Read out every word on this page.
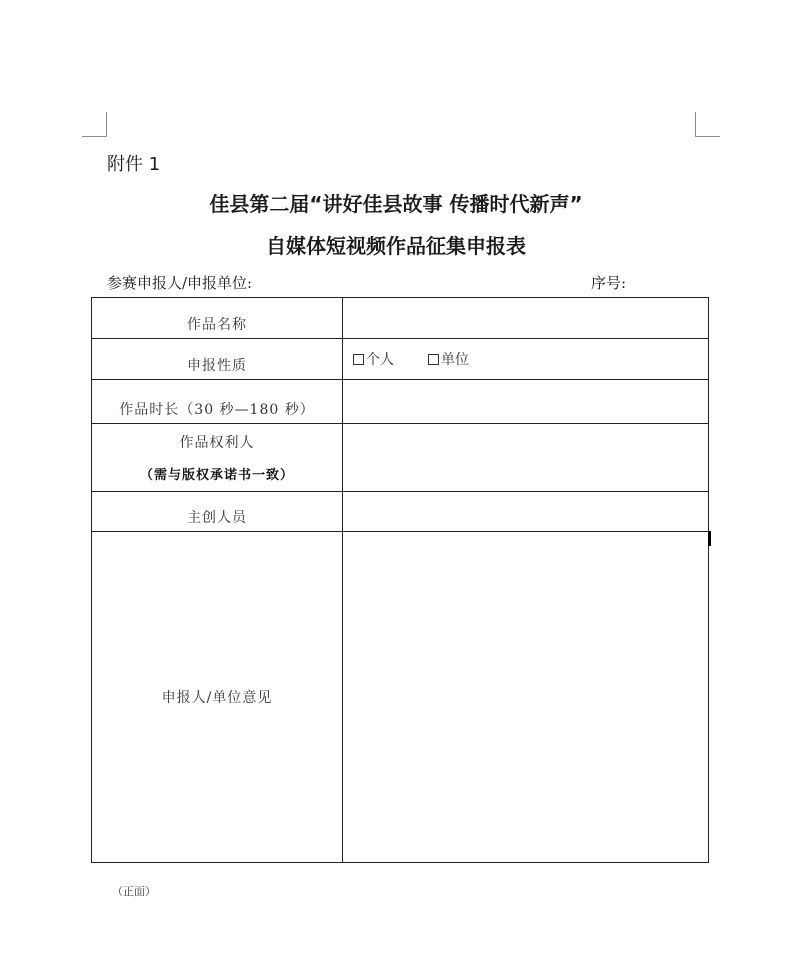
附件 1
佳县第二届“讲好佳县故事 传播时代新声”
自媒体短视频作品征集申报表
参赛申报人/申报单位:	序号:
作品名称
申报性质	个人	单位
作品时长（30 秒—180 秒）
作品权利人
（需与版权承诺书一致）
主创人员
申报人/单位意见
（正面）
